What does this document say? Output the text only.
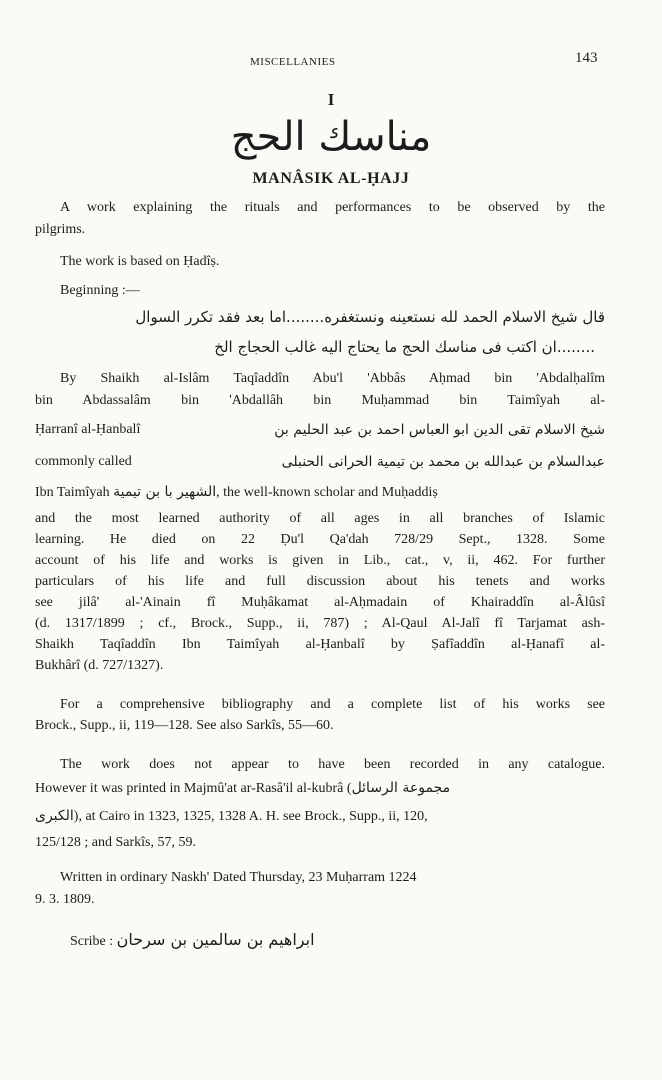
MISCELLANIES	143
I
مناسك الحج
MANÂSIK AL-ḤAJJ
A work explaining the rituals and performances to be observed by the
pilgrims.
The work is based on Ḥadîṣ.
Beginning :—
قال شيخ الاسلام الحمد لله نستعينه ونستغفره........اما بعد فقد تكرر السوال
........ان اكتب فى مناسك الحج ما يحتاج اليه غالب الحجاج الخ
By Shaikh al-Islâm Taqîaddîn Abu'l 'Abbâs Aḥmad bin 'Abdalḥalîm
bin Abdassalâm bin 'Abdallâh bin Muḥammad bin Taimîyah al-
Ḥarranî al-Ḥanbalî	شيخ الاسلام تقى الدين ابو العباس احمد بن عبد الحليم بن
commonly called	عبدالسلام بن عبدالله بن محمد بن تيمية الحرانى الحنبلى
Ibn Taimîyah الشهير با بن تيمية, the well-known scholar and Muḥaddiṣ
and the most learned authority of all ages in all branches of Islamic
learning. He died on 22 Ḍu'l Qa'dah 728/29 Sept., 1328. Some
account of his life and works is given in Lib., cat., v, ii, 462. For further
particulars of his life and full discussion about his tenets and works
see jilâ' al-'Ainain fî Muḥâkamat al-Aḥmadain of Khairaddîn al-Âlûsî
(d. 1317/1899 ; cf., Brock., Supp., ii, 787) ; Al-Qaul Al-Jalî fî Tarjamat ash-
Shaikh Taqîaddîn Ibn Taimîyah al-Ḥanbalî by Ṣafîaddîn al-Ḥanafî al-
Bukhârî (d. 727/1327).
For a comprehensive bibliography and a complete list of his works see
Brock., Supp., ii, 119—128. See also Sarkîs, 55—60.
The work does not appear to have been recorded in any catalogue.
However it was printed in Majmû'at ar-Rasâ'il al-kubrâ (مجموعة الرسائل
الكبرى), at Cairo in 1323, 1325, 1328 A. H. see Brock., Supp., ii, 120,
125/128 ; and Sarkîs, 57, 59.
Written in ordinary Naskh' Dated Thursday, 23 Muḥarram 1224
9. 3. 1809.
Scribe : ابراهيم بن سالمين بن سرحان
